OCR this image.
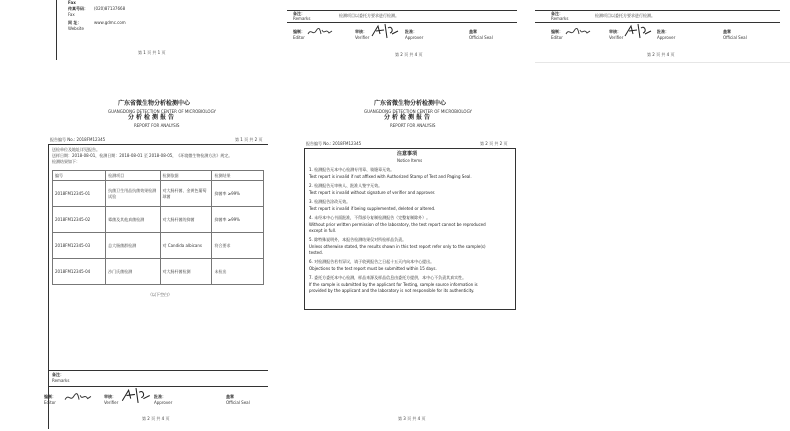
Fax
传真号码： (020)87137668
Fax
网 址：	www.gdmc.com
Website
第 1 页 共 1 页
备注：
Remarks
检测项目以委托方要求进行检测。
编制：
Editor
审核：
Verifier
批准：
Approver
盖章
Official Seal
第 2 页 共 4 页
备注：
Remarks
检测项目以委托方要求进行检测。
编制：
Editor
审核：
Verifier
批准：
Approver
盖章
Official Seal
第 2 页 共 4 页
广东省微生物分析检测中心
GUANGDONG DETECTION CENTER OF MICROBIOLOGY
分析检测报告
REPORT FOR ANALYSIS
报告编号 No.: 2018FM12345	第 1 页 共 2 页
送检单位及地址详见报告。
送样日期：2018-08-01，检测日期：2018-08-01 至 2018-08-05，《环境微生物检测方法》规定。
检测结果如下：
编号	检测项目	检测依据	检测结果
2018FM12345-01	抗菌卫生用品抗菌效果检测试验	对大肠杆菌、金黄色葡萄球菌	抑菌率 ≥99%
2018FM12345-02	霉菌及其他真菌检测	对大肠杆菌的抑菌	抑菌率 ≥99%
2018FM12345-03	总大肠菌群检测	对 Candida albicans	符合要求
2018FM12345-04	沙门氏菌检测	对大肠杆菌检测	未检出
（以下空白）
备注：
Remarks
编制：
Editor
审核：
Verifier
批准：
Approver
盖章
Official Seal
第 2 页 共 4 页
广东省微生物分析检测中心
GUANGDONG DETECTION CENTER OF MICROBIOLOGY
分析检测报告
REPORT FOR ANALYSIS
报告编号 No.: 2018FM12345	第 2 页 共 2 页
注意事项
Notice Items
1. 检测报告无本中心检测专用章、骑缝章无效。
Test report is invalid if not affixed with Authorized Stamp of Test and Paging Seal.
2. 检测报告无审核人、批准人签字无效。
Test report is invalid without signature of verifier and approver.
3. 检测报告涂改无效。
Test report is invalid if being supplemented, deleted or altered.
4. 未经本中心书面批准，不得部分复制检测报告（完整复制除外）。
Without prior written permission of the laboratory, the test report cannot be reproduced
except in full.
5. 除特殊说明外，本报告检测结果仅对所检样品负责。
Unless otherwise stated, the results shown in this test report refer only to the sample(s)
tested.
6. 对检测报告若有异议，请于收到报告之日起十五天内向本中心提出。
Objections to the test report must be submitted within 15 days.
7. 委托方委托本中心检测，样品来源及样品信息由委托方提供，本中心不负责其真实性。
If the sample is submitted by the applicant for Testing, sample source information is
provided by the applicant and the laboratory is not responsible for its authenticity.
第 3 页 共 4 页
